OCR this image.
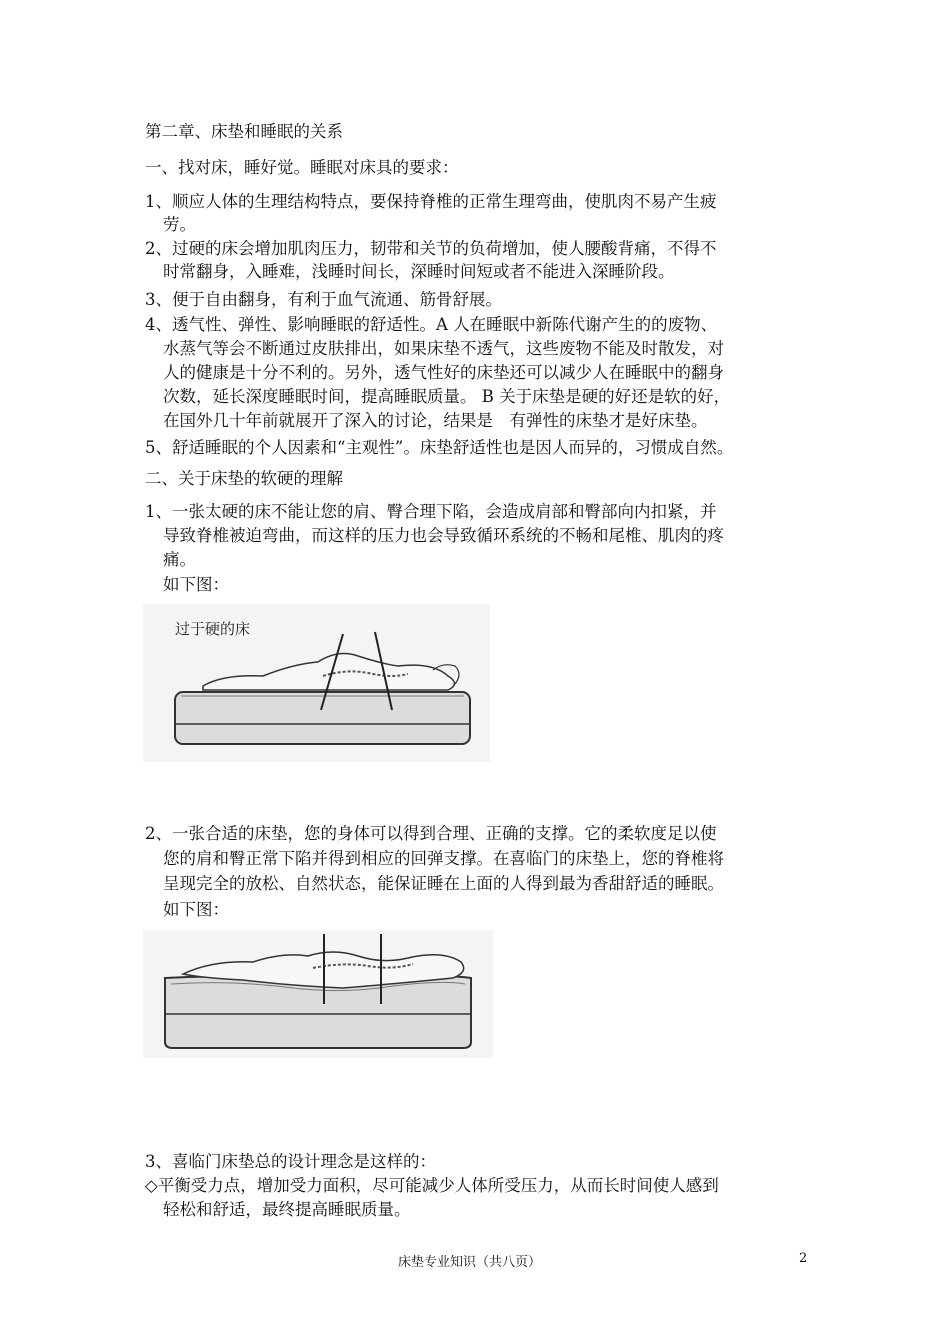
第二章、床垫和睡眠的关系
一、找对床，睡好觉。睡眠对床具的要求：
1、顺应人体的生理结构特点，要保持脊椎的正常生理弯曲，使肌肉不易产生疲
劳。
2、过硬的床会增加肌肉压力，韧带和关节的负荷增加，使人腰酸背痛，不得不
时常翻身，入睡难，浅睡时间长，深睡时间短或者不能进入深睡阶段。
3、便于自由翻身，有利于血气流通、筋骨舒展。
4、透气性、弹性、影响睡眠的舒适性。A 人在睡眠中新陈代谢产生的的废物、
水蒸气等会不断通过皮肤排出，如果床垫不透气，这些废物不能及时散发，对
人的健康是十分不利的。另外，透气性好的床垫还可以减少人在睡眠中的翻身
次数，延长深度睡眠时间，提高睡眠质量。 B 关于床垫是硬的好还是软的好，
在国外几十年前就展开了深入的讨论，结果是　有弹性的床垫才是好床垫。
5、舒适睡眠的个人因素和“主观性”。床垫舒适性也是因人而异的，习惯成自然。
二、关于床垫的软硬的理解
1、一张太硬的床不能让您的肩、臀合理下陷，会造成肩部和臀部向内扣紧，并
导致脊椎被迫弯曲，而这样的压力也会导致循环系统的不畅和尾椎、肌肉的疼
痛。
如下图：
过于硬的床
2、一张合适的床垫，您的身体可以得到合理、正确的支撑。它的柔软度足以使
您的肩和臀正常下陷并得到相应的回弹支撑。在喜临门的床垫上，您的脊椎将
呈现完全的放松、自然状态，能保证睡在上面的人得到最为香甜舒适的睡眠。
如下图：
3、喜临门床垫总的设计理念是这样的：
◇平衡受力点，增加受力面积，尽可能减少人体所受压力，从而长时间使人感到
轻松和舒适，最终提高睡眠质量。
床垫专业知识（共八页）	2
